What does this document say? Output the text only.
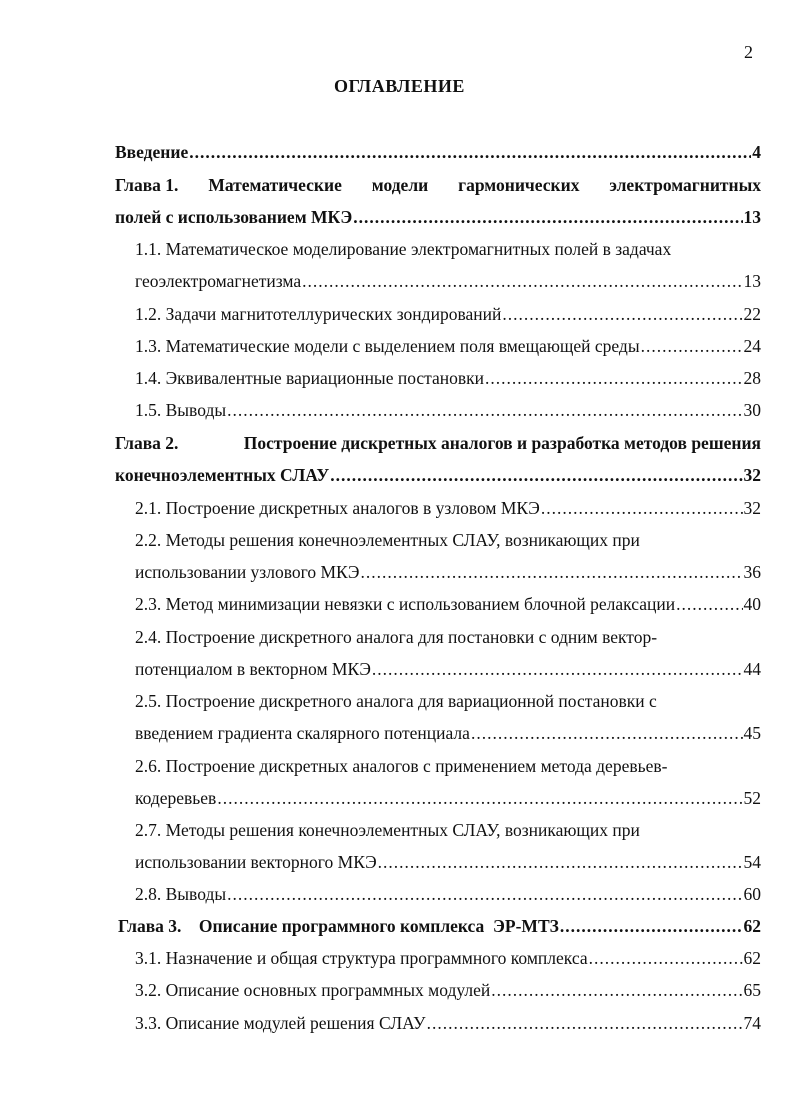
2
ОГЛАВЛЕНИЕ
Введение .....	4
Глава 1. Математические модели гармонических электромагнитных
полей с использованием МКЭ .....	13
1.1. Математическое моделирование электромагнитных полей в задачах
геоэлектромагнетизма .....	13
1.2. Задачи магнитотеллурических зондирований .....	22
1.3. Математические модели с выделением поля вмещающей среды .....	24
1.4. Эквивалентные вариационные постановки .....	28
1.5. Выводы .....	30
Глава 2.	Построение дискретных аналогов и разработка методов решения
конечноэлементных СЛАУ .....	32
2.1. Построение дискретных аналогов в узловом МКЭ .....	32
2.2. Методы решения конечноэлементных СЛАУ, возникающих при
использовании узлового МКЭ .....	36
2.3. Метод минимизации невязки с использованием блочной релаксации .....	40
2.4. Построение дискретного аналога для постановки с одним вектор-
потенциалом в векторном МКЭ .....	44
2.5. Построение дискретного аналога для вариационной постановки с
введением градиента скалярного потенциала .....	45
2.6. Построение дискретных аналогов с применением метода деревьев-
кодеревьев .....	52
2.7. Методы решения конечноэлементных СЛАУ, возникающих при
использовании векторного МКЭ .....	54
2.8. Выводы .....	60
Глава 3.    Описание программного комплекса  ЭР-МТЗ .....	62
3.1. Назначение и общая структура программного комплекса .....	62
3.2. Описание основных программных модулей .....	65
3.3. Описание модулей решения СЛАУ .....	74
